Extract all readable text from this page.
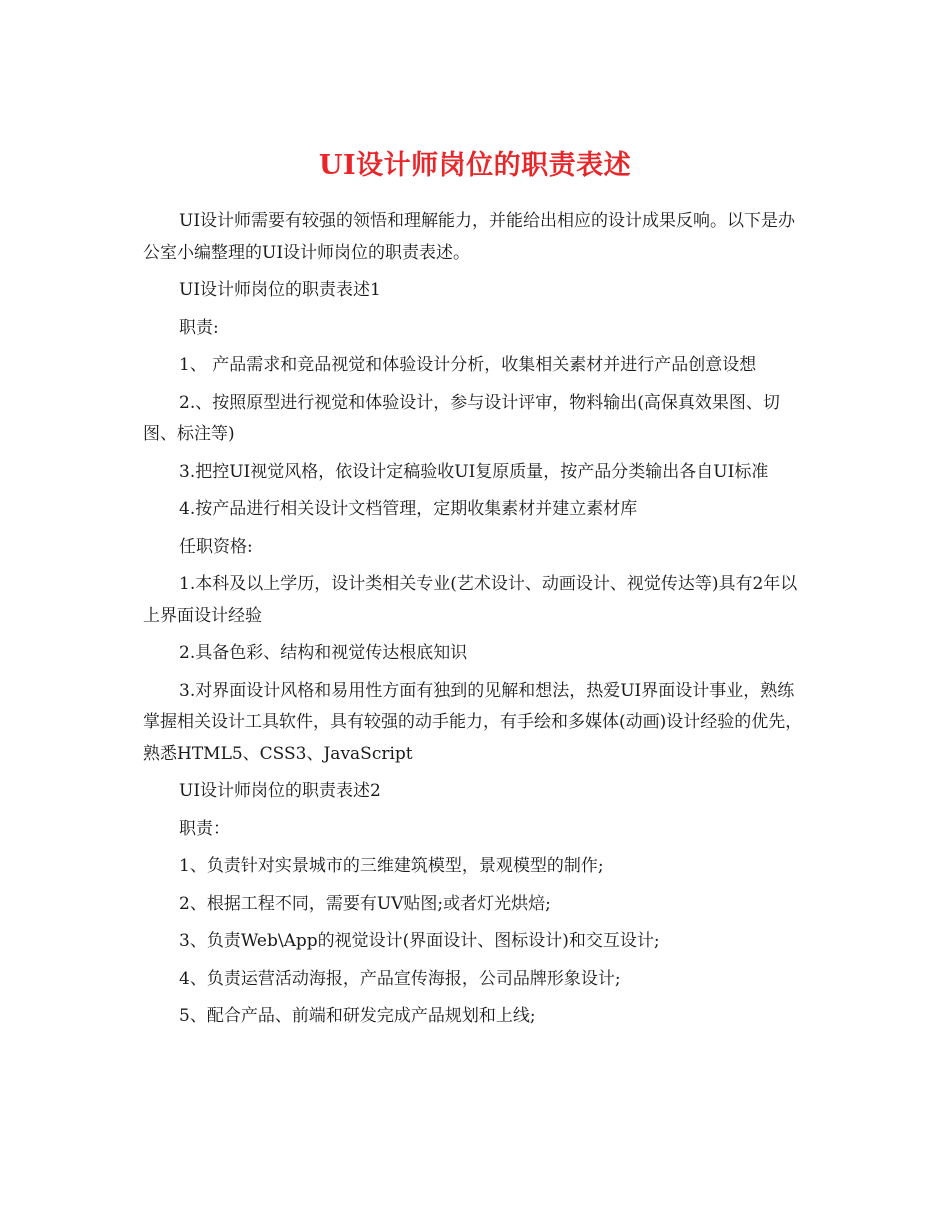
UI设计师岗位的职责表述

UI设计师需要有较强的领悟和理解能力，并能给出相应的设计成果反响。以下是办公室小编整理的UI设计师岗位的职责表述。

UI设计师岗位的职责表述1

职责:

1、 产品需求和竞品视觉和体验设计分析，收集相关素材并进行产品创意设想

2.、按照原型进行视觉和体验设计，参与设计评审，物料输出(高保真效果图、切图、标注等)

3.把控UI视觉风格，依设计定稿验收UI复原质量，按产品分类输出各自UI标准

4.按产品进行相关设计文档管理，定期收集素材并建立素材库

任职资格:

1.本科及以上学历，设计类相关专业(艺术设计、动画设计、视觉传达等)具有2年以上界面设计经验

2.具备色彩、结构和视觉传达根底知识

3.对界面设计风格和易用性方面有独到的见解和想法，热爱UI界面设计事业，熟练掌握相关设计工具软件，具有较强的动手能力，有手绘和多媒体(动画)设计经验的优先，熟悉HTML5、CSS3、JavaScript

UI设计师岗位的职责表述2

职责：

1、负责针对实景城市的三维建筑模型，景观模型的制作;

2、根据工程不同，需要有UV贴图;或者灯光烘焙;

3、负责Web\App的视觉设计(界面设计、图标设计)和交互设计;

4、负责运营活动海报，产品宣传海报，公司品牌形象设计;

5、配合产品、前端和研发完成产品规划和上线;
